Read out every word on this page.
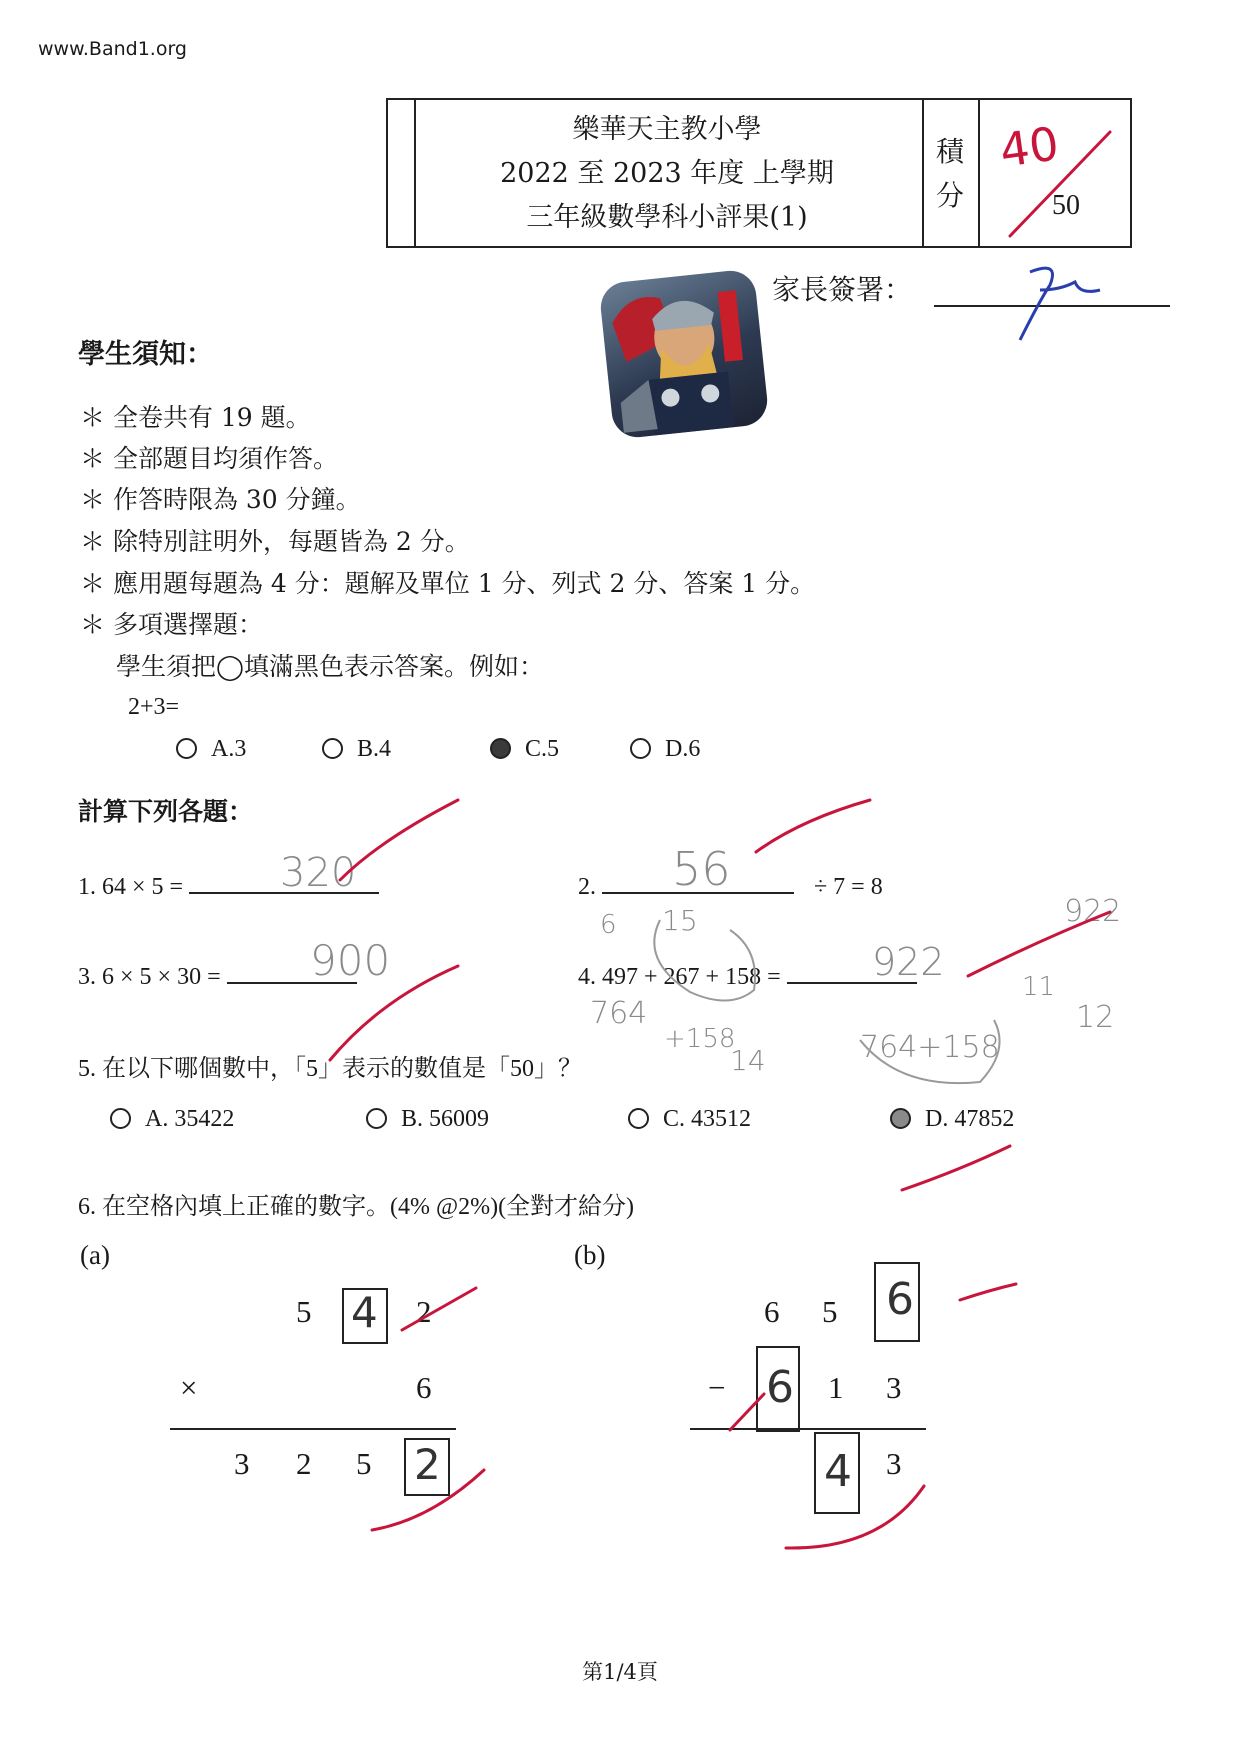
www.Band1.org
樂華天主教小學
2022 至 2023 年度 上學期
三年級數學科小評果(1)
積
分
40
50
家長簽署：
學生須知：
＊ 全卷共有 19 題。
＊ 全部題目均須作答。
＊ 作答時限為 30 分鐘。
＊ 除特別註明外，每題皆為 2 分。
＊ 應用題每題為 4 分：題解及單位 1 分、列式 2 分、答案 1 分。
＊ 多項選擇題：
學生須把◯填滿黑色表示答案。例如：
2+3=
A.3	B.4	C.5	D.6
計算下列各題：
1. 64 × 5 =	320	2.	÷ 7 = 8
56
3. 6 × 5 × 30 =	900	4. 497 + 267 + 158 =	922
6 15
764
+158
14
922
11
12
764+158
5. 在以下哪個數中，「5」表示的數值是「50」？
A. 35422	B. 56009	C. 43512	D. 47852
6. 在空格內填上正確的數字。(4% @2%)(全對才給分)
(a)	(b)
5 4 2
×	6
3 2 5 2
6 5 6
− 6 1 3
4 3
第1/4頁
